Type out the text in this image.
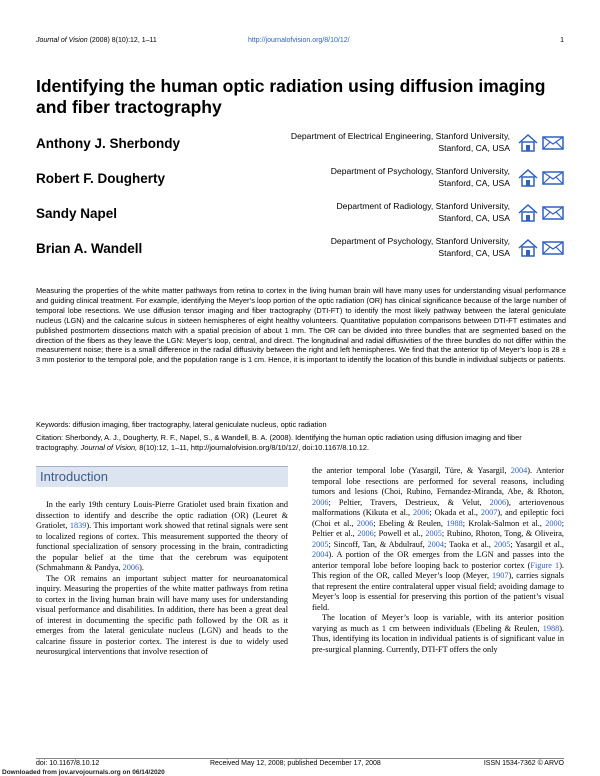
Journal of Vision (2008) 8(10):12, 1–11	http://journalofvision.org/8/10/12/	1
Identifying the human optic radiation using diffusion imaging and fiber tractography
Anthony J. Sherbondy	Department of Electrical Engineering, Stanford University,
Stanford, CA, USA
Robert F. Dougherty	Department of Psychology, Stanford University,
Stanford, CA, USA
Sandy Napel	Department of Radiology, Stanford University,
Stanford, CA, USA
Brian A. Wandell	Department of Psychology, Stanford University,
Stanford, CA, USA
Measuring the properties of the white matter pathways from retina to cortex in the living human brain will have many uses for understanding visual performance and guiding clinical treatment. For example, identifying the Meyer’s loop portion of the optic radiation (OR) has clinical significance because of the large number of temporal lobe resections. We use diffusion tensor imaging and fiber tractography (DTI-FT) to identify the most likely pathway between the lateral geniculate nucleus (LGN) and the calcarine sulcus in sixteen hemispheres of eight healthy volunteers. Quantitative population comparisons between DTI-FT estimates and published postmortem dissections match with a spatial precision of about 1 mm. The OR can be divided into three bundles that are segmented based on the direction of the fibers as they leave the LGN: Meyer’s loop, central, and direct. The longitudinal and radial diffusivities of the three bundles do not differ within the measurement noise; there is a small difference in the radial diffusivity between the right and left hemispheres. We find that the anterior tip of Meyer’s loop is 28 ± 3 mm posterior to the temporal pole, and the population range is 1 cm. Hence, it is important to identify the location of this bundle in individual subjects or patients.
Keywords: diffusion imaging, fiber tractography, lateral geniculate nucleus, optic radiation
Citation: Sherbondy, A. J., Dougherty, R. F., Napel, S., & Wandell, B. A. (2008). Identifying the human optic radiation using diffusion imaging and fiber tractography. Journal of Vision, 8(10):12, 1–11, http://journalofvision.org/8/10/12/, doi:10.1167/8.10.12.
Introduction

In the early 19th century Louis-Pierre Gratiolet used brain fixation and dissection to identify and describe the optic radiation (OR) (Leuret & Gratiolet, 1839). This important work showed that retinal signals were sent to localized regions of cortex. This measurement supported the theory of functional specialization of sensory processing in the brain, contradicting the popular belief at the time that the cerebrum was equipotent (Schmahmann & Pandya, 2006).

The OR remains an important subject matter for neuroanatomical inquiry. Measuring the properties of the white matter pathways from retina to cortex in the living human brain will have many uses for understanding visual performance and disabilities. In addition, there has been a great deal of interest in documenting the specific path followed by the OR as it emerges from the lateral geniculate nucleus (LGN) and heads to the calcarine fissure in posterior cortex. The interest is due to widely used neurosurgical interventions that involve resection of

the anterior temporal lobe (Yasargil, Türe, & Yasargil, 2004). Anterior temporal lobe resections are performed for several reasons, including tumors and lesions (Choi, Rubino, Fernandez-Miranda, Abe, & Rhoton, 2006; Peltier, Travers, Destrieux, & Velut, 2006), arteriovenous malformations (Kikuta et al., 2006; Okada et al., 2007), and epileptic foci (Choi et al., 2006; Ebeling & Reulen, 1988; Krolak-Salmon et al., 2000; Peltier et al., 2006; Powell et al., 2005; Rubino, Rhoton, Tong, & Oliveira, 2005; Sincoff, Tan, & Abdulrauf, 2004; Taoka et al., 2005; Yasargil et al., 2004). A portion of the OR emerges from the LGN and passes into the anterior temporal lobe before looping back to posterior cortex (Figure 1). This region of the OR, called Meyer’s loop (Meyer, 1907), carries signals that represent the entire contralateral upper visual field; avoiding damage to Meyer’s loop is essential for preserving this portion of the patient’s visual field.

The location of Meyer’s loop is variable, with its anterior position varying as much as 1 cm between individuals (Ebeling & Reulen, 1988). Thus, identifying its location in individual patients is of significant value in pre-surgical planning. Currently, DTI-FT offers the only

doi: 10.1167/8.10.12	Received May 12, 2008; published December 17, 2008	ISSN 1534-7362 © ARVO
Downloaded from jov.arvojournals.org on 06/14/2020
